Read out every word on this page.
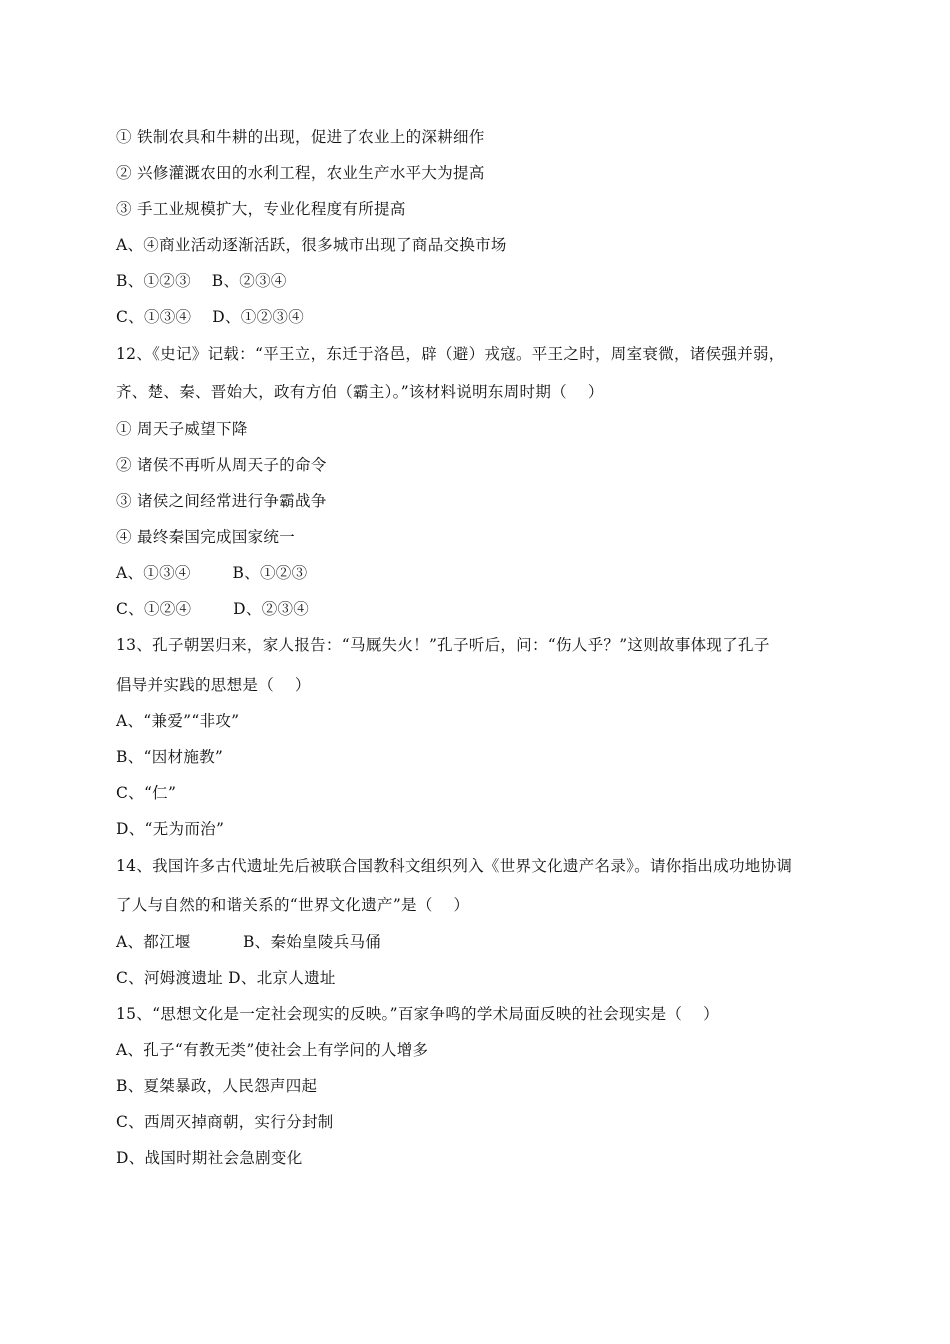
① 铁制农具和牛耕的出现，促进了农业上的深耕细作
② 兴修灌溉农田的水利工程，农业生产水平大为提高
③ 手工业规模扩大，专业化程度有所提高
A、④商业活动逐渐活跃，很多城市出现了商品交换市场
B、①②③    B、②③④
C、①③④    D、①②③④
12、《史记》记载：“平王立，东迁于洛邑，辟（避）戎寇。平王之时，周室衰微，诸侯强并弱，
齐、楚、秦、晋始大，政有方伯（霸主）。”该材料说明东周时期（    ）
① 周天子威望下降
② 诸侯不再听从周天子的命令
③ 诸侯之间经常进行争霸战争
④ 最终秦国完成国家统一
A、①③④        B、①②③
C、①②④        D、②③④
13、孔子朝罢归来，家人报告：“马厩失火！”孔子听后，问：“伤人乎？”这则故事体现了孔子
倡导并实践的思想是（    ）
A、“兼爱”“非攻”
B、“因材施教”
C、“仁”
D、“无为而治”
14、我国许多古代遗址先后被联合国教科文组织列入《世界文化遗产名录》。请你指出成功地协调
了人与自然的和谐关系的“世界文化遗产”是（    ）
A、都江堰          B、秦始皇陵兵马俑
C、河姆渡遗址 D、北京人遗址
15、“思想文化是一定社会现实的反映。”百家争鸣的学术局面反映的社会现实是（    ）
A、孔子“有教无类”使社会上有学问的人增多
B、夏桀暴政，人民怨声四起
C、西周灭掉商朝，实行分封制
D、战国时期社会急剧变化
